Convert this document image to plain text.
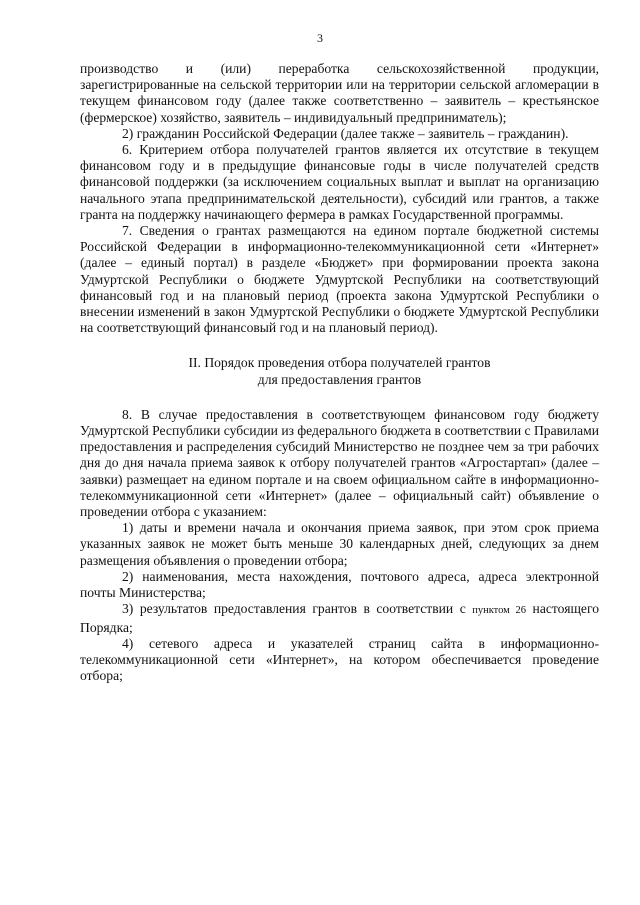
3

производство и (или) переработка сельскохозяйственной продукции, зарегистрированные на сельской территории или на территории сельской агломерации в текущем финансовом году (далее также соответственно – заявитель – крестьянское (фермерское) хозяйство, заявитель – индивидуальный предприниматель);

2) гражданин Российской Федерации (далее также – заявитель – гражданин).

6. Критерием отбора получателей грантов является их отсутствие в текущем финансовом году и в предыдущие финансовые годы в числе получателей средств финансовой поддержки (за исключением социальных выплат и выплат на организацию начального этапа предпринимательской деятельности), субсидий или грантов, а также гранта на поддержку начинающего фермера в рамках Государственной программы.

7. Сведения о грантах размещаются на едином портале бюджетной системы Российской Федерации в информационно-телекоммуникационной сети «Интернет» (далее – единый портал) в разделе «Бюджет» при формировании проекта закона Удмуртской Республики о бюджете Удмуртской Республики на соответствующий финансовый год и на плановый период (проекта закона Удмуртской Республики о внесении изменений в закон Удмуртской Республики о бюджете Удмуртской Республики на соответствующий финансовый год и на плановый период).

II. Порядок проведения отбора получателей грантов
для предоставления грантов

8. В случае предоставления в соответствующем финансовом году бюджету Удмуртской Республики субсидии из федерального бюджета в соответствии с Правилами предоставления и распределения субсидий Министерство не позднее чем за три рабочих дня до дня начала приема заявок к отбору получателей грантов «Агростартап» (далее – заявки) размещает на едином портале и на своем официальном сайте в информационно-телекоммуникационной сети «Интернет» (далее – официальный сайт) объявление о проведении отбора с указанием:

1) даты и времени начала и окончания приема заявок, при этом срок приема указанных заявок не может быть меньше 30 календарных дней, следующих за днем размещения объявления о проведении отбора;

2) наименования, места нахождения, почтового адреса, адреса электронной почты Министерства;

3) результатов предоставления грантов в соответствии с пунктом 26 настоящего Порядка;

4) сетевого адреса и указателей страниц сайта в информационно-телекоммуникационной сети «Интернет», на котором обеспечивается проведение отбора;
